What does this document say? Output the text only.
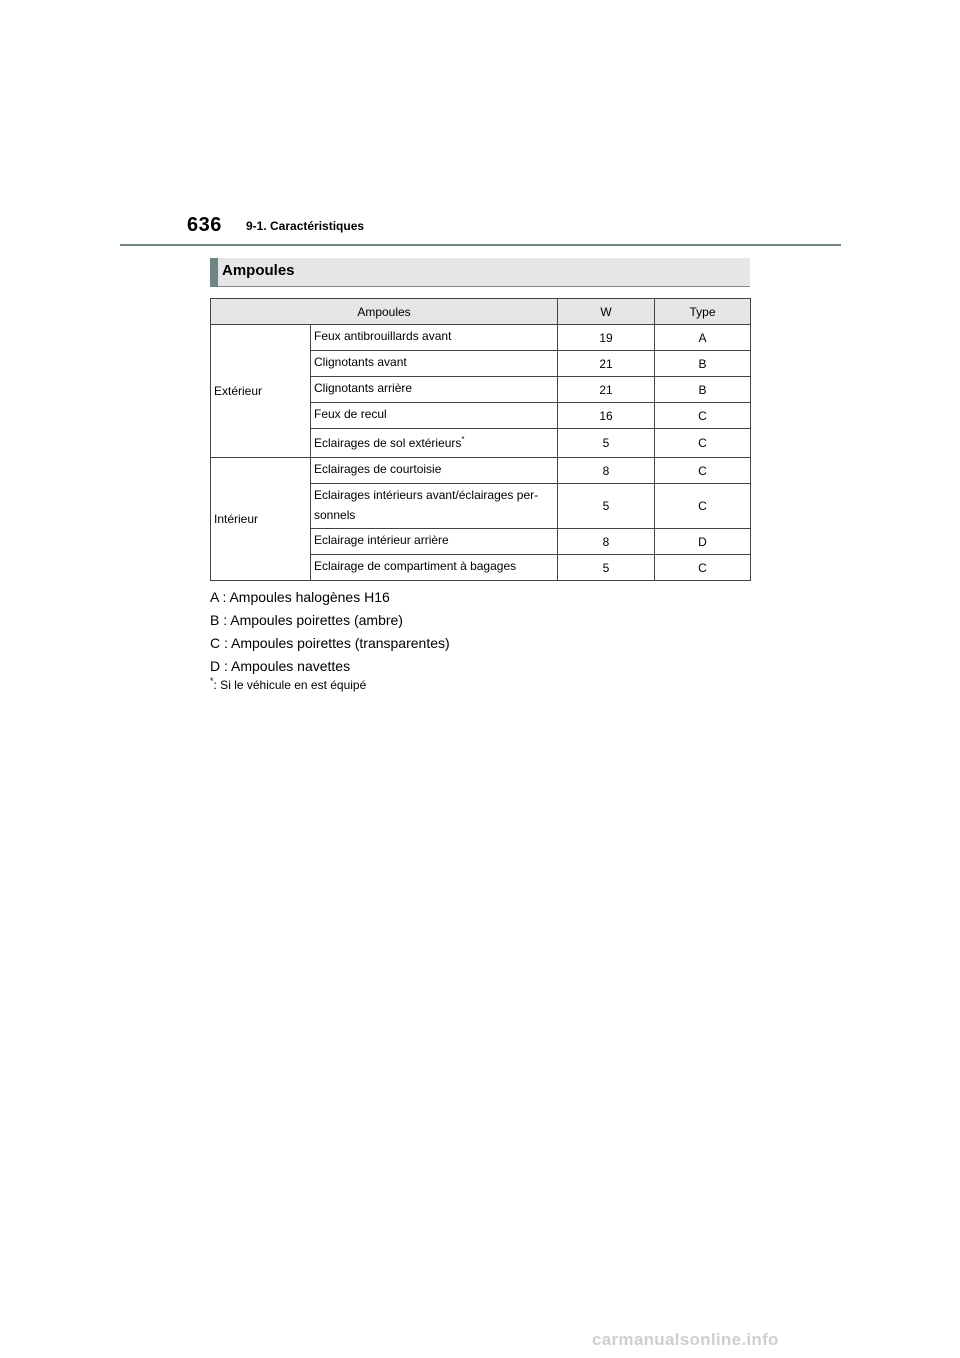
636 9-1. Caractéristiques
Ampoules
Ampoules		W	Type
Extérieur	Feux antibrouillards avant	19	A
	Clignotants avant	21	B
	Clignotants arrière	21	B
	Feux de recul	16	C
	Eclairages de sol extérieurs*	5	C
Intérieur	Eclairages de courtoisie	8	C
	Eclairages intérieurs avant/éclairages per-
sonnels	5	C
	Eclairage intérieur arrière	8	D
	Eclairage de compartiment à bagages	5	C
A : Ampoules halogènes H16
B : Ampoules poirettes (ambre)
C : Ampoules poirettes (transparentes)
D : Ampoules navettes
*: Si le véhicule en est équipé
carmanualsonline.info
